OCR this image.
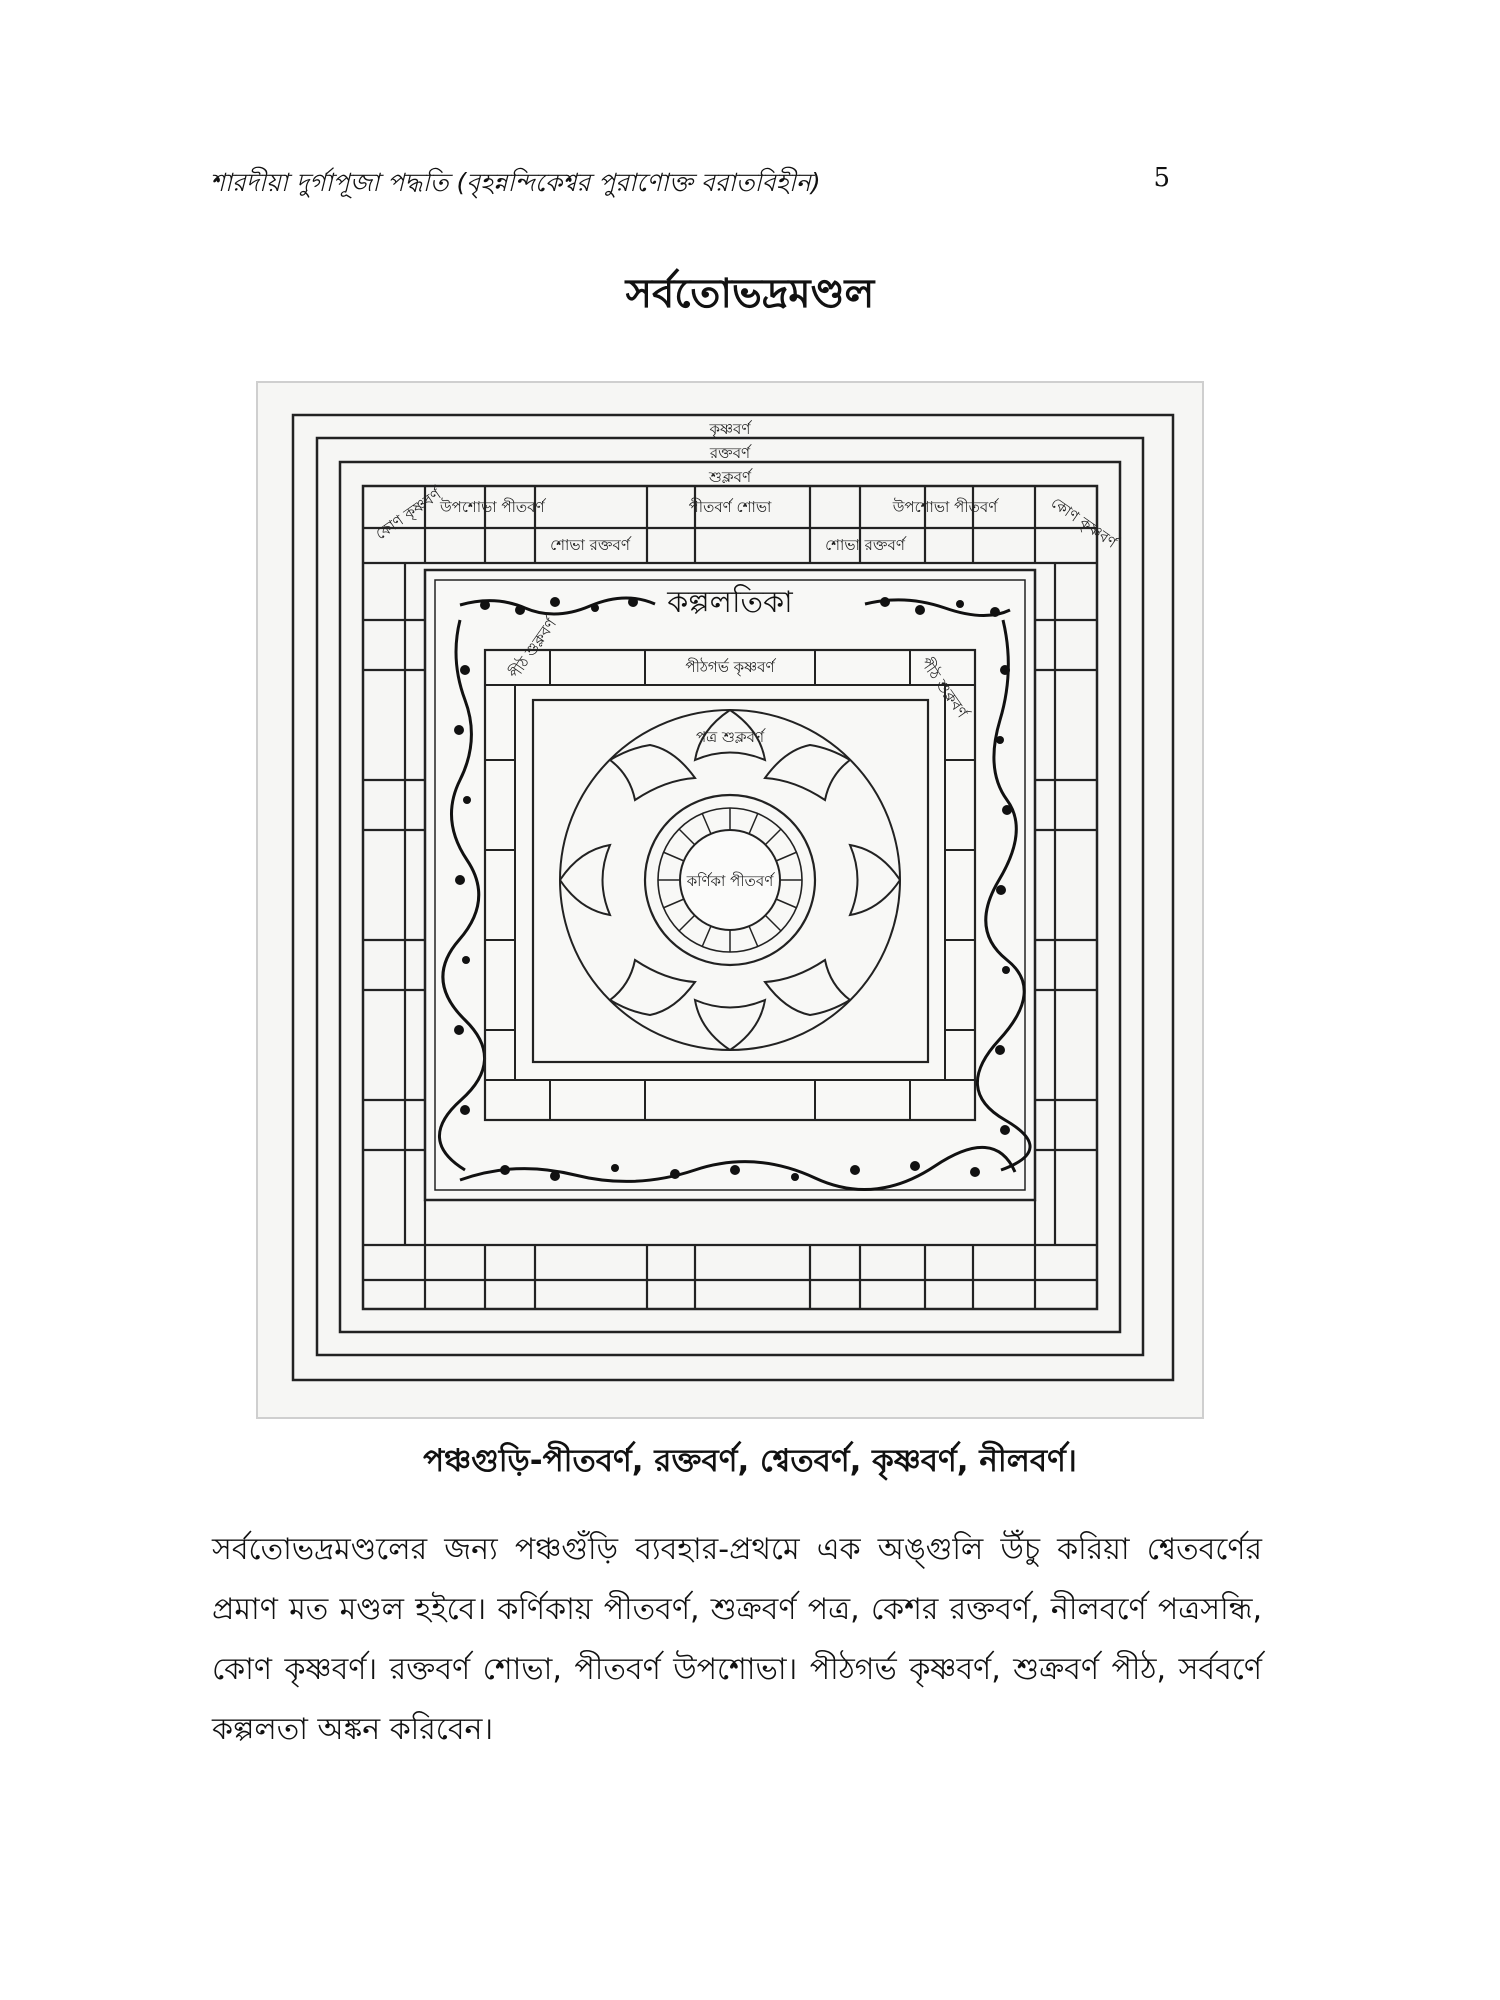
শারদীয়া দুর্গাপূজা পদ্ধতি (বৃহন্নন্দিকেশ্বর পুরাণোক্ত বরাতবিহীন)	5
সর্বতোভদ্রমণ্ডল
কৃষ্ণবর্ণ
রক্তবর্ণ
শুক্লবর্ণ
কোণ কৃষ্ণবর্ণ	কোণ কৃষ্ণবর্ণ
উপশোভা পীতবর্ণ	পীতবর্ণ শোভা	উপশোভা পীতবর্ণ
শোভা রক্তবর্ণ	শোভা রক্তবর্ণ
কল্পলতিকা
পীঠগর্ভ কৃষ্ণবর্ণ
পীঠ শুক্লবর্ণ
পীঠ শুক্লবর্ণ
পত্র শুক্লবর্ণ
কর্ণিকা পীতবর্ণ
পঞ্চগুড়ি-পীতবর্ণ, রক্তবর্ণ, শ্বেতবর্ণ, কৃষ্ণবর্ণ, নীলবর্ণ।
সর্বতোভদ্রমণ্ডলের জন্য পঞ্চগুঁড়ি ব্যবহার-প্রথমে এক অঙ্গুলি উঁচু করিয়া শ্বেতবর্ণের প্রমাণ মত মণ্ডল হইবে। কর্ণিকায় পীতবর্ণ, শুক্রবর্ণ পত্র, কেশর রক্তবর্ণ, নীলবর্ণে পত্রসন্ধি, কোণ কৃষ্ণবর্ণ। রক্তবর্ণ শোভা, পীতবর্ণ উপশোভা। পীঠগর্ভ কৃষ্ণবর্ণ, শুক্রবর্ণ পীঠ, সর্ববর্ণে কল্পলতা অঙ্কন করিবেন।
